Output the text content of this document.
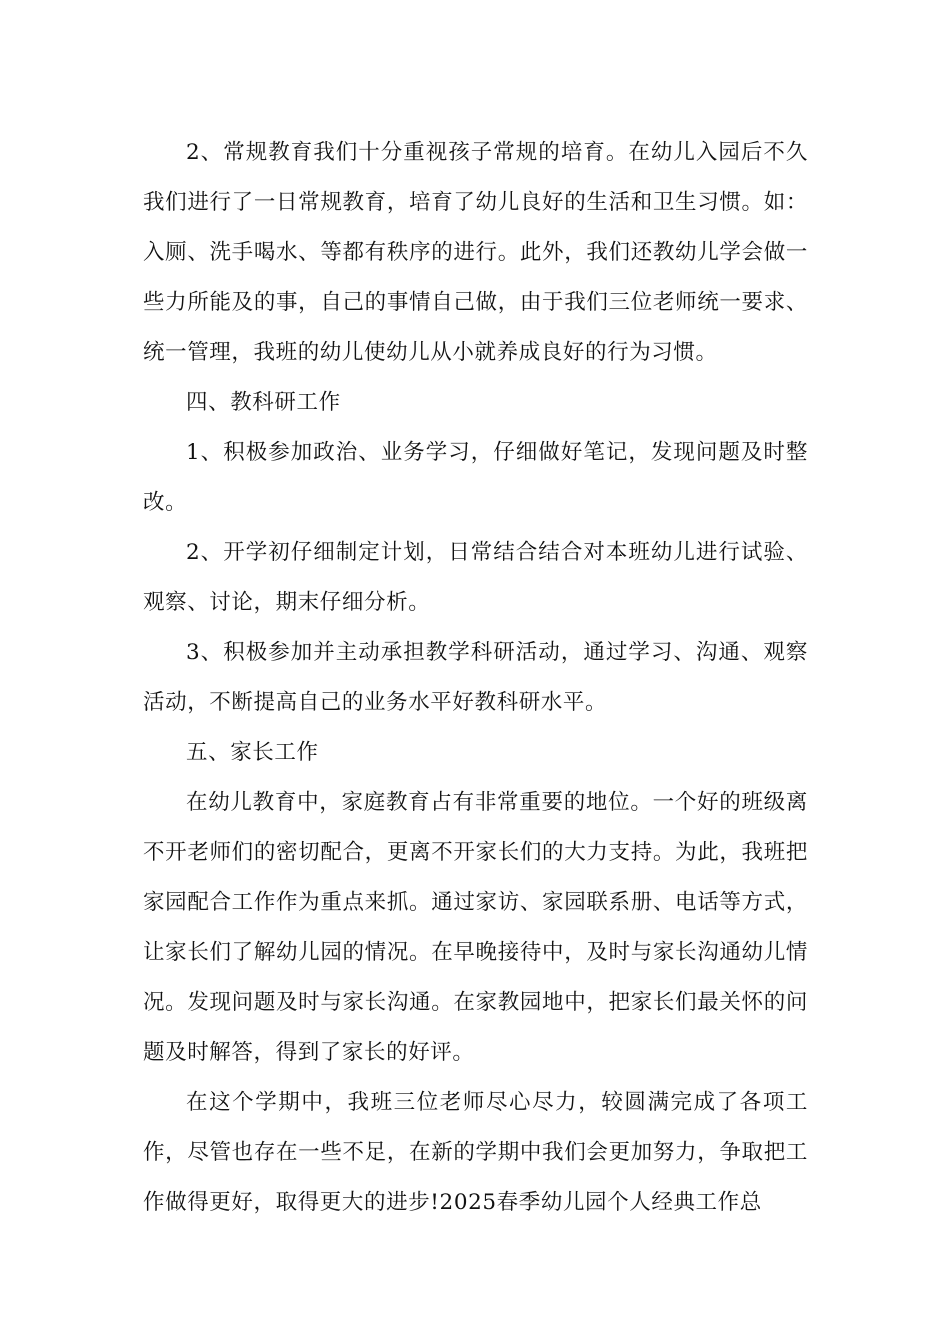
2、常规教育我们十分重视孩子常规的培育。在幼儿入园后不久我们进行了一日常规教育，培育了幼儿良好的生活和卫生习惯。如：入厕、洗手喝水、等都有秩序的进行。此外，我们还教幼儿学会做一些力所能及的事，自己的事情自己做，由于我们三位老师统一要求、统一管理，我班的幼儿使幼儿从小就养成良好的行为习惯。

四、教科研工作

1、积极参加政治、业务学习，仔细做好笔记，发现问题及时整改。

2、开学初仔细制定计划，日常结合结合对本班幼儿进行试验、观察、讨论，期末仔细分析。

3、积极参加并主动承担教学科研活动，通过学习、沟通、观察活动，不断提高自己的业务水平好教科研水平。

五、家长工作

在幼儿教育中，家庭教育占有非常重要的地位。一个好的班级离不开老师们的密切配合，更离不开家长们的大力支持。为此，我班把家园配合工作作为重点来抓。通过家访、家园联系册、电话等方式，让家长们了解幼儿园的情况。在早晚接待中，及时与家长沟通幼儿情况。发现问题及时与家长沟通。在家教园地中，把家长们最关怀的问题及时解答，得到了家长的好评。

在这个学期中，我班三位老师尽心尽力，较圆满完成了各项工作，尽管也存在一些不足，在新的学期中我们会更加努力，争取把工作做得更好，取得更大的进步!2025春季幼儿园个人经典工作总
